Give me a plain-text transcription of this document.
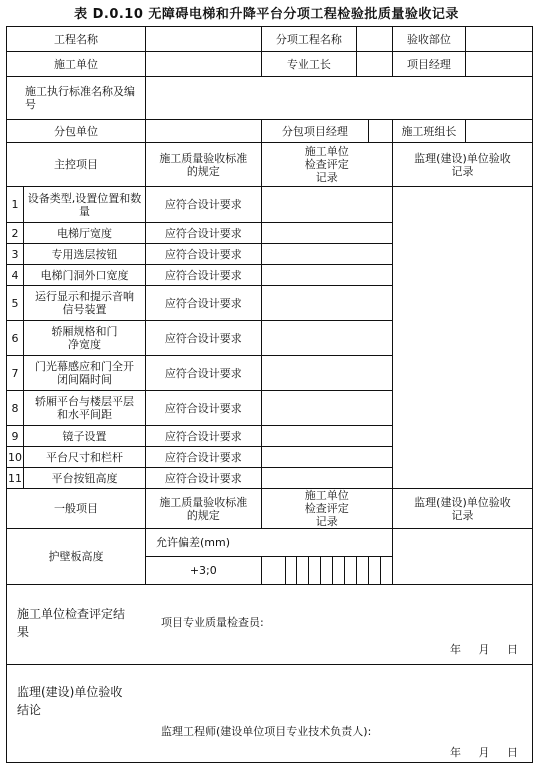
表 D.0.10 无障碍电梯和升降平台分项工程检验批质量验收记录
工程名称			分项工程名称										验收部位

施工单位			专业工长										项目经理

施工执行标准名称及编号													
分包单位			分包项目经理										施工班组长

主控项目		施工质量验收标准的规定	施工单位检查评定记录										监理(建设)单位验收记录
1	设备类型,设置位置和数量	应符合设计要求											
2	电梯厅宽度	应符合设计要求											
3	专用选层按钮	应符合设计要求											
4	电梯门洞外口宽度	应符合设计要求											
5	运行显示和提示音响信号装置	应符合设计要求											
6	轿厢规格和门净宽度	应符合设计要求											
7	门光幕感应和门全开闭间隔时间	应符合设计要求											
8	轿厢平台与楼层平层和水平间距	应符合设计要求											
9	镜子设置	应符合设计要求											
10	平台尺寸和栏杆	应符合设计要求											
11	平台按钮高度	应符合设计要求											
一般项目		施工质量验收标准的规定	施工单位检查评定记录										监理(建设)单位验收记录
护壁板高度		允许偏差(mm)											
		+3;0											

施工单位检查评定结果
项目专业质量检查员:
年 月 日													

监理(建设)单位验收结论
监理工程师(建设单位项目专业技术负责人):
年 月 日													
